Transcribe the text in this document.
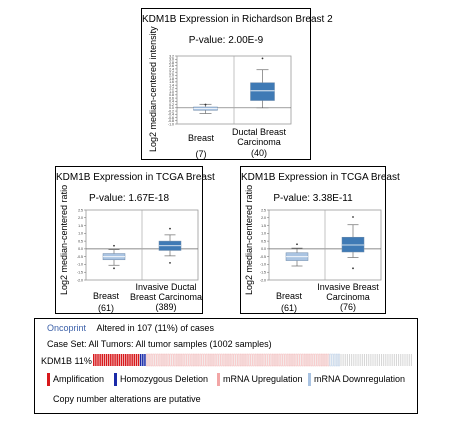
KDM1B Expression in Richardson Breast 2
P-value: 2.00E-9
Log2 median-centered intensity	3.2
3.0
2.8
2.6
2.4
2.2
2.0
1.8
1.6
1.4
1.2
1.0
0.8
0.6
0.4
0.2
0.0
-0.2
-0.4
-0.6
-0.8
-1.0
Breast
(7)
Ductal Breast
Carcinoma
(40)
KDM1B Expression in TCGA Breast
P-value: 1.67E-18
Log2 median-centered ratio	2.5
2.0
1.5
1.0
0.5
0.0
-0.5
-1.0
-1.5
-2.0
Breast
(61)
Invasive Ductal
Breast Carcinoma
(389)
KDM1B Expression in TCGA Breast
P-value: 3.38E-11
Log2 median-centered ratio 2.5
2.0
1.5
1.0
0.5
0.0
-0.5
-1.0
-1.5
-2.0
Breast
(61)
Invasive Breast
Carcinoma
(76)
Oncoprint Altered in 107 (11%) of cases
Case Set: All Tumors: All tumor samples (1002 samples)
KDM1B 11%
Amplification Homozygous Deletion mRNA Upregulation mRNA Downregulation
Copy number alterations are putative
